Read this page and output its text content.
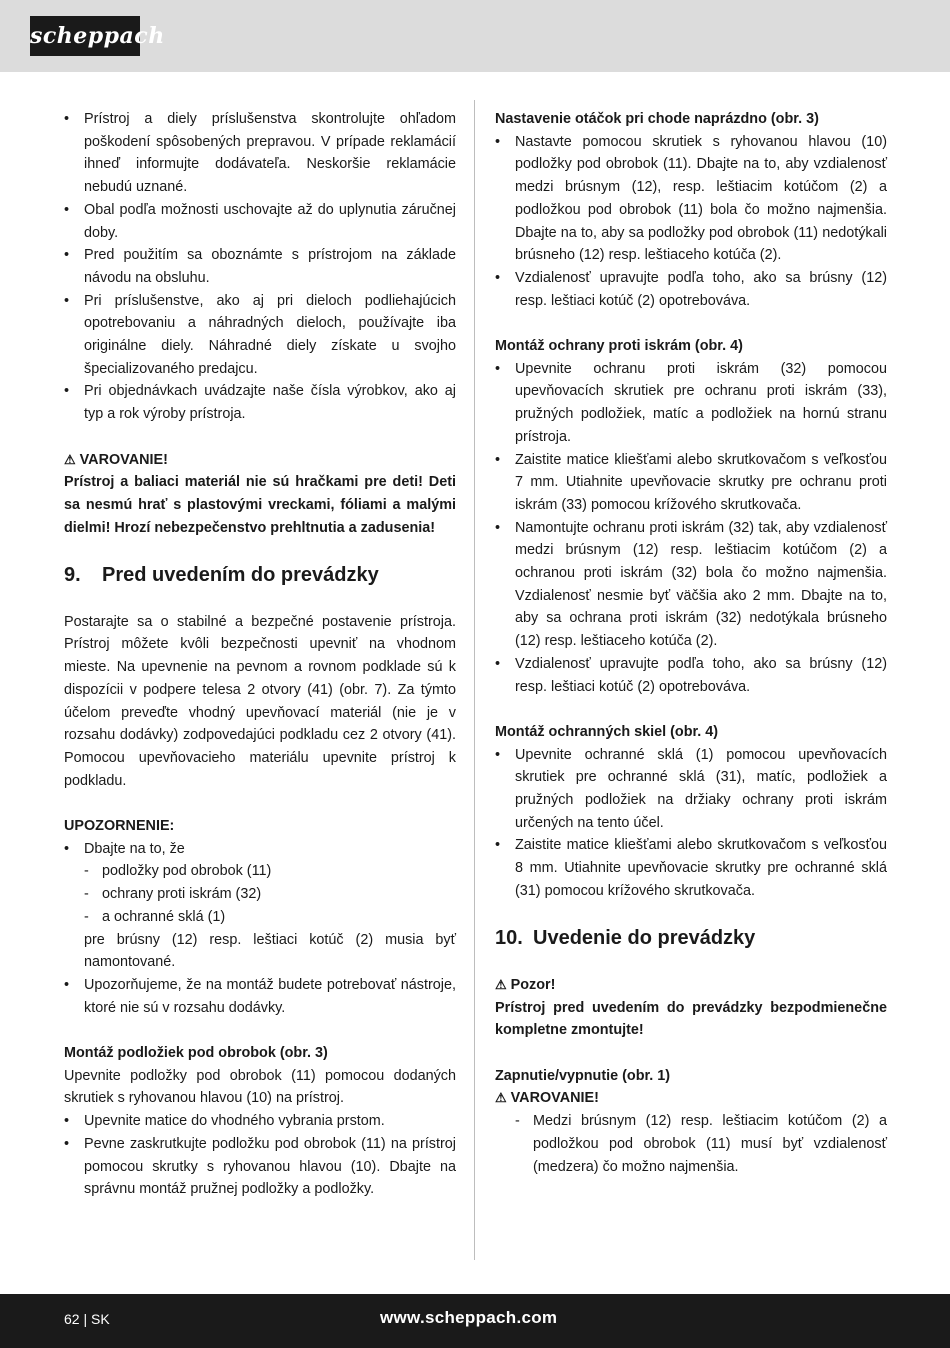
scheppach
• Prístroj a diely príslušenstva skontrolujte ohľadom poškodení spôsobených prepravou. V prípade reklamácií ihneď informujte dodávateľa. Neskoršie reklamácie nebudú uznané.
• Obal podľa možnosti uschovajte až do uplynutia záručnej doby.
• Pred použitím sa oboznámte s prístrojom na základe návodu na obsluhu.
• Pri príslušenstve, ako aj pri dieloch podliehajúcich opotrebovaniu a náhradných dieloch, používajte iba originálne diely. Náhradné diely získate u svojho špecializovaného predajcu.
• Pri objednávkach uvádzajte naše čísla výrobkov, ako aj typ a rok výroby prístroja.

⚠ VAROVANIE!

Prístroj a baliaci materiál nie sú hračkami pre deti! Deti sa nesmú hrať s plastovými vreckami, fóliami a malými dielmi! Hrozí nebezpečenstvo prehltnutia a zadusenia!

9. Pred uvedením do prevádzky

Postarajte sa o stabilné a bezpečné postavenie prístroja. Prístroj môžete kvôli bezpečnosti upevniť na vhodnom mieste. Na upevnenie na pevnom a rovnom podklade sú k dispozícii v podpere telesa 2 otvory (41) (obr. 7). Za týmto účelom preveďte vhodný upevňovací materiál (nie je v rozsahu dodávky) zodpovedajúci podkladu cez 2 otvory (41). Pomocou upevňovacieho materiálu upevnite prístroj k podkladu.

UPOZORNENIE:

• Dbajte na to, že
- podložky pod obrobok (11)
- ochrany proti iskrám (32)
- a ochranné sklá (1)

pre brúsny (12) resp. leštiaci kotúč (2) musia byť namontované.

• Upozorňujeme, že na montáž budete potrebovať nástroje, ktoré nie sú v rozsahu dodávky.

Montáž podložiek pod obrobok (obr. 3)

Upevnite podložky pod obrobok (11) pomocou dodaných skrutiek s ryhovanou hlavou (10) na prístroj.

• Upevnite matice do vhodného vybrania prstom.
• Pevne zaskrutkujte podložku pod obrobok (11) na prístroj pomocou skrutky s ryhovanou hlavou (10). Dbajte na správnu montáž pružnej podložky a podložky.

Nastavenie otáčok pri chode naprázdno (obr. 3)

• Nastavte pomocou skrutiek s ryhovanou hlavou (10) podložky pod obrobok (11). Dbajte na to, aby vzdialenosť medzi brúsnym (12), resp. leštiacim kotúčom (2) a podložkou pod obrobok (11) bola čo možno najmenšia. Dbajte na to, aby sa podložky pod obrobok (11) nedotýkali brúsneho (12) resp. leštiaceho kotúča (2).
• Vzdialenosť upravujte podľa toho, ako sa brúsny (12) resp. leštiaci kotúč (2) opotrebováva.

Montáž ochrany proti iskrám (obr. 4)

• Upevnite ochranu proti iskrám (32) pomocou upevňovacích skrutiek pre ochranu proti iskrám (33), pružných podložiek, matíc a podložiek na hornú stranu prístroja.
• Zaistite matice kliešťami alebo skrutkovačom s veľkosťou 7 mm. Utiahnite upevňovacie skrutky pre ochranu proti iskrám (33) pomocou krížového skrutkovača.
• Namontujte ochranu proti iskrám (32) tak, aby vzdialenosť medzi brúsnym (12) resp. leštiacim kotúčom (2) a ochranou proti iskrám (32) bola čo možno najmenšia. Vzdialenosť nesmie byť väčšia ako 2 mm. Dbajte na to, aby sa ochrana proti iskrám (32) nedotýkala brúsneho (12) resp. leštiaceho kotúča (2).
• Vzdialenosť upravujte podľa toho, ako sa brúsny (12) resp. leštiaci kotúč (2) opotrebováva.

Montáž ochranných skiel (obr. 4)

• Upevnite ochranné sklá (1) pomocou upevňovacích skrutiek pre ochranné sklá (31), matíc, podložiek a pružných podložiek na držiaky ochrany proti iskrám určených na tento účel.
• Zaistite matice kliešťami alebo skrutkovačom s veľkosťou 8 mm. Utiahnite upevňovacie skrutky pre ochranné sklá (31) pomocou krížového skrutkovača.
10. Uvedenie do prevádzky

⚠ Pozor!

Prístroj pred uvedením do prevádzky bezpodmienečne kompletne zmontujte!

Zapnutie/vypnutie (obr. 1)

⚠ VAROVANIE!

- Medzi brúsnym (12) resp. leštiacim kotúčom (2) a podložkou pod obrobok (11) musí byť vzdialenosť (medzera) čo možno najmenšia.
62 | SK	www.scheppach.com
